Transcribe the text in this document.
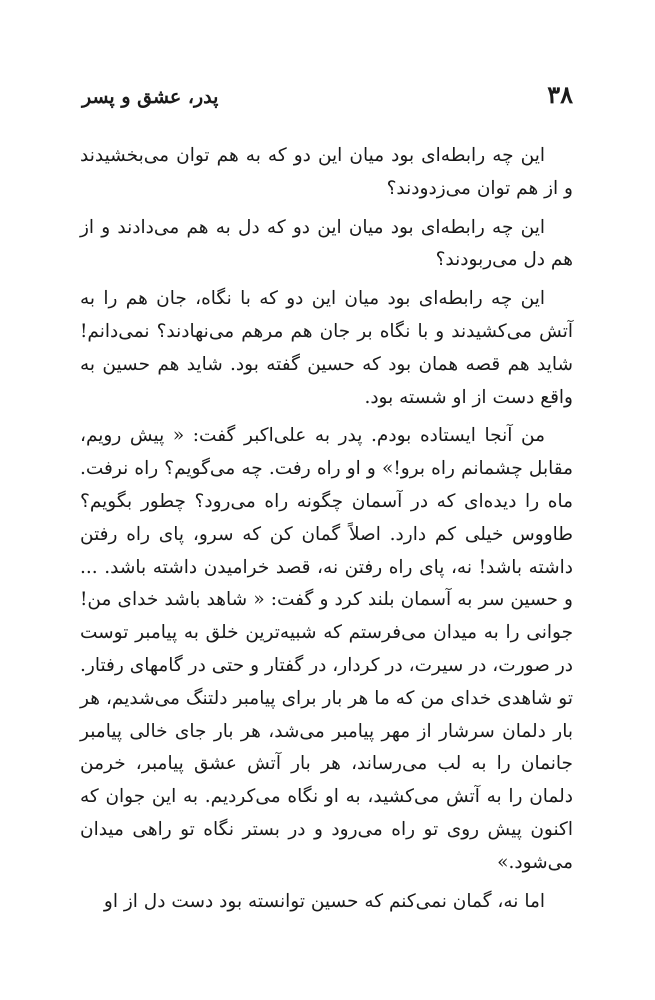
۳۸
پدر، عشق و پسر

این چه رابطه‌ای بود میان این دو که به هم توان می‌بخشیدند و از هم توان می‌زدودند؟

این چه رابطه‌ای بود میان این دو که دل به هم می‌دادند و از هم دل می‌ربودند؟

این چه رابطه‌ای بود میان این دو که با نگاه، جان هم را به آتش می‌کشیدند و با نگاه بر جان هم مرهم می‌نهادند؟ نمی‌دانم! شاید هم قصه همان بود که حسین گفته بود. شاید هم حسین به واقع دست از او شسته بود.

من آنجا ایستاده بودم. پدر به علی‌اکبر گفت: « پیش رویم، مقابل چشمانم راه برو!» و او راه رفت. چه می‌گویم؟ راه نرفت. ماه را دیده‌ای که در آسمان چگونه راه می‌رود؟ چطور بگویم؟ طاووس خیلی کم دارد. اصلاً گمان کن که سرو، پای راه رفتن داشته باشد! نه، پای راه رفتن نه، قصد خرامیدن داشته باشد. ... و حسین سر به آسمان بلند کرد و گفت: « شاهد باشد خدای من! جوانی را به میدان می‌فرستم که شبیه‌ترین خلق به پیامبر توست در صورت، در سیرت، در کردار، در گفتار و حتی در گامهای رفتار. تو شاهدی خدای من که ما هر بار برای پیامبر دلتنگ می‌شدیم، هر بار دلمان سرشار از مهر پیامبر می‌شد، هر بار جای خالی پیامبر جانمان را به لب می‌رساند، هر بار آتش عشق پیامبر، خرمن دلمان را به آتش می‌کشید، به او نگاه می‌کردیم. به این جوان که اکنون پیش روی تو راه می‌رود و در بستر نگاه تو راهی میدان می‌شود.»

اما نه، گمان نمی‌کنم که حسین توانسته بود دست دل از او
